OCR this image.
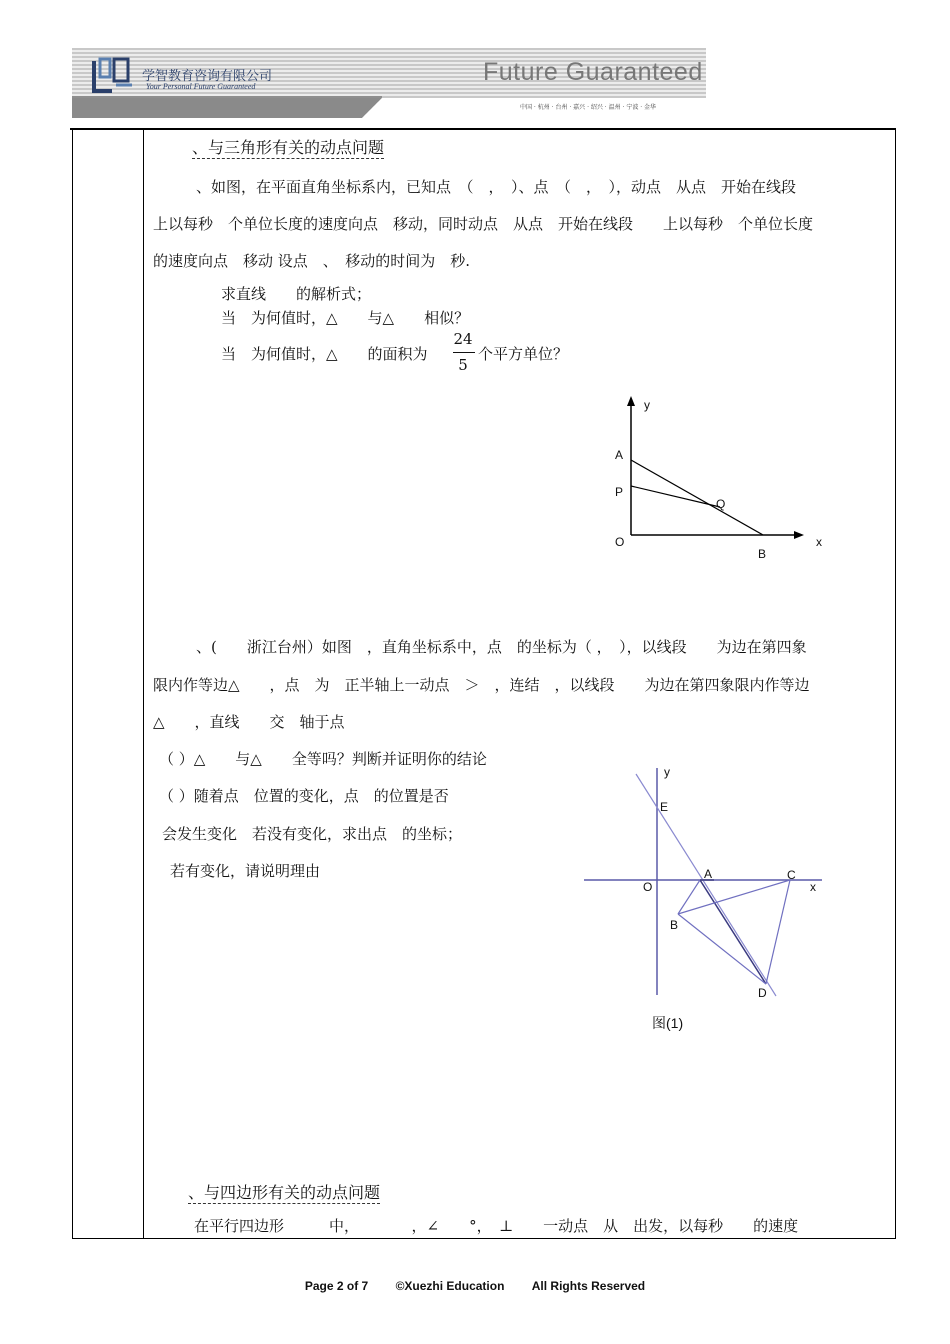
学智教育咨询有限公司
Your Personal Future Guaranteed
Future Guaranteed
中国 · 杭州 · 台州 · 嘉兴 · 绍兴 · 温州 · 宁波 · 金华
、与三角形有关的动点问题
、如图，在平面直角坐标系内，已知点　（　，　）、点　（　，　），动点　从点　开始在线段
上以每秒　个单位长度的速度向点　移动，同时动点　从点　开始在线段　　上以每秒　个单位长度
的速度向点　移动 设点　、　移动的时间为　秒.
求直线　　的解析式；
当　为何值时，△　　与△　　相似？
当　为何值时，△　　的面积为
24
5
个平方单位？
y
A
P
Q
O
B
x
、(　　浙江台州）如图　，直角坐标系中，点　的坐标为（ ，　），以线段　　为边在第四象
限内作等边△　　，点　为　正半轴上一动点　＞　，连结　，以线段　　为边在第四象限内作等边
△　　，直线　　交　轴于点
（ ）△　　与△　　全等吗？判断并证明你的结论
（ ）随着点　位置的变化，点　的位置是否
会发生变化　若没有变化，求出点　的坐标；
若有变化，请说明理由
y
E
A	C
O	x
B
D
图(1)
、与四边形有关的动点问题
在平行四边形　　　中，　　　　，∠　　°，　⊥　　一动点　从　出发，以每秒　　的速度
Page 2 of 7 ©Xuezhi Education All Rights Reserved
